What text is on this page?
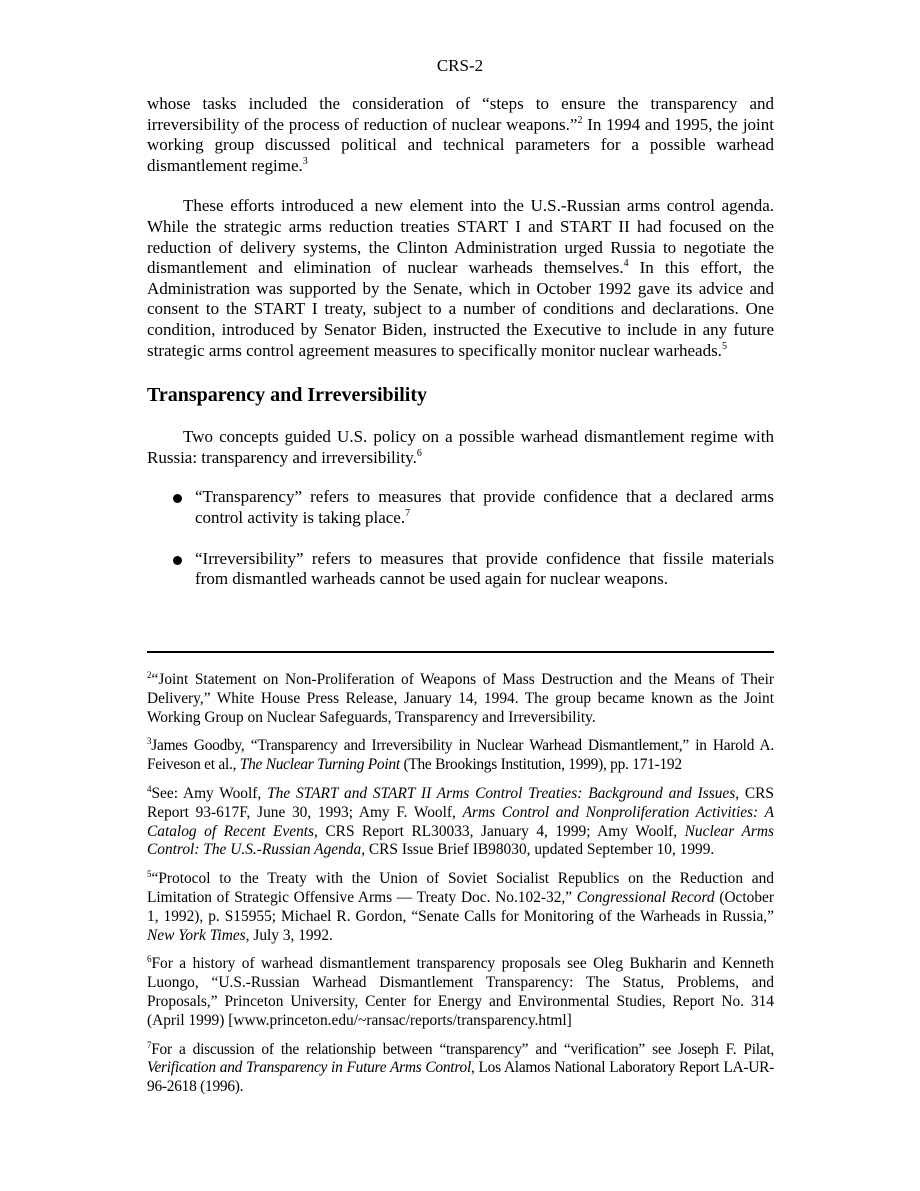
CRS-2

whose tasks included the consideration of “steps to ensure the transparency and irreversibility of the process of reduction of nuclear weapons.”$^2$ In 1994 and 1995, the joint working group discussed political and technical parameters for a possible warhead dismantlement regime.$^3$

These efforts introduced a new element into the U.S.-Russian arms control agenda. While the strategic arms reduction treaties START I and START II had focused on the reduction of delivery systems, the Clinton Administration urged Russia to negotiate the dismantlement and elimination of nuclear warheads themselves.$^4$ In this effort, the Administration was supported by the Senate, which in October 1992 gave its advice and consent to the START I treaty, subject to a number of conditions and declarations. One condition, introduced by Senator Biden, instructed the Executive to include in any future strategic arms control agreement measures to specifically monitor nuclear warheads.$^5$

Transparency and Irreversibility

Two concepts guided U.S. policy on a possible warhead dismantlement regime with Russia: transparency and irreversibility.$^6$

“Transparency” refers to measures that provide confidence that a declared arms control activity is taking place.$^7$
“Irreversibility” refers to measures that provide confidence that fissile materials from dismantled warheads cannot be used again for nuclear weapons.

$^2$“Joint Statement on Non-Proliferation of Weapons of Mass Destruction and the Means of Their Delivery,” White House Press Release, January 14, 1994. The group became known as the Joint Working Group on Nuclear Safeguards, Transparency and Irreversibility.

$^3$James Goodby, “Transparency and Irreversibility in Nuclear Warhead Dismantlement,” in Harold A. Feiveson et al., The Nuclear Turning Point (The Brookings Institution, 1999), pp. 171-192

$^4$See: Amy Woolf, The START and START II Arms Control Treaties: Background and Issues, CRS Report 93-617F, June 30, 1993; Amy F. Woolf, Arms Control and Nonproliferation Activities: A Catalog of Recent Events, CRS Report RL30033, January 4, 1999; Amy Woolf, Nuclear Arms Control: The U.S.-Russian Agenda, CRS Issue Brief IB98030, updated September 10, 1999.

$^5$“Protocol to the Treaty with the Union of Soviet Socialist Republics on the Reduction and Limitation of Strategic Offensive Arms — Treaty Doc. No.102-32,” Congressional Record (October 1, 1992), p. S15955; Michael R. Gordon, “Senate Calls for Monitoring of the Warheads in Russia,” New York Times, July 3, 1992.

$^6$For a history of warhead dismantlement transparency proposals see Oleg Bukharin and Kenneth Luongo, “U.S.-Russian Warhead Dismantlement Transparency: The Status, Problems, and Proposals,” Princeton University, Center for Energy and Environmental Studies, Report No. 314 (April 1999) [www.princeton.edu/~ransac/reports/transparency.html]

$^7$For a discussion of the relationship between “transparency” and “verification” see Joseph F. Pilat, Verification and Transparency in Future Arms Control, Los Alamos National Laboratory Report LA-UR-96-2618 (1996).
